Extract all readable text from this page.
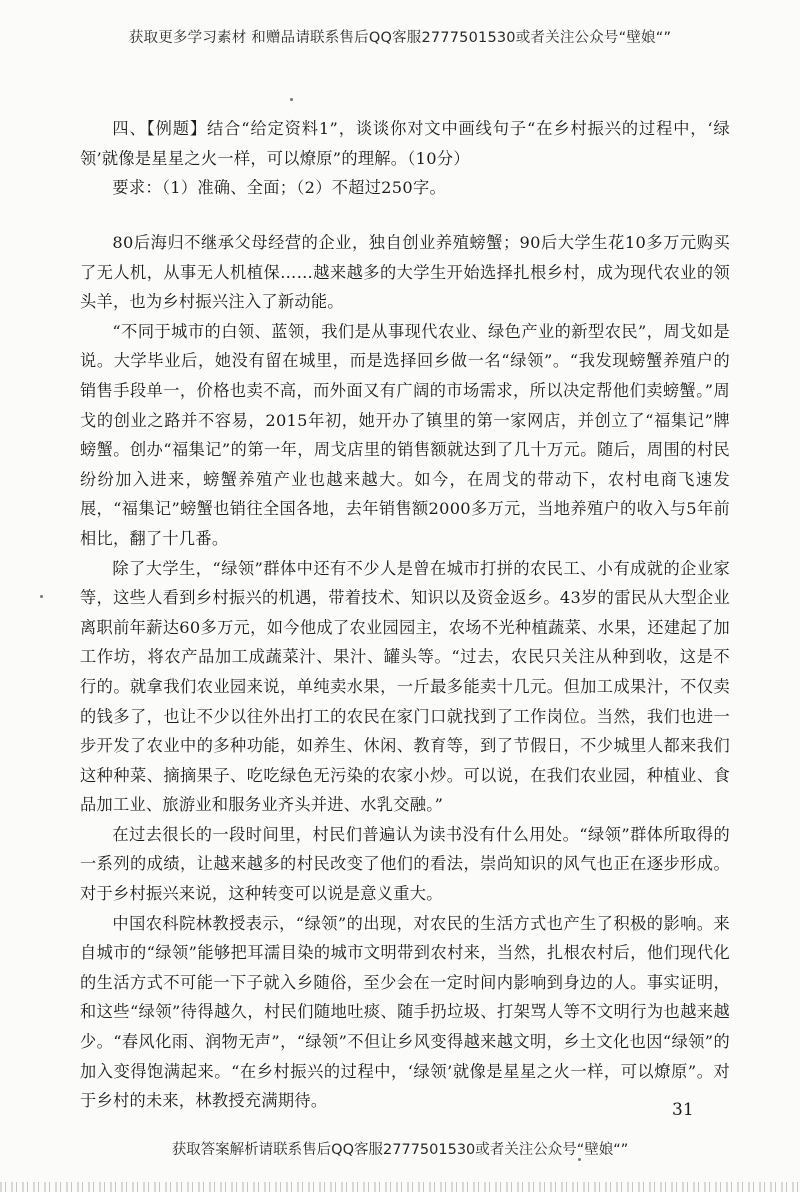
获取更多学习素材 和赠品请联系售后QQ客服2777501530或者关注公众号“壁娘“”

四、【例题】结合“给定资料1”，谈谈你对文中画线句子“在乡村振兴的过程中，‘绿领’就像是星星之火一样，可以燎原”的理解。（10分）

要求：（1）准确、全面；（2）不超过250字。

80后海归不继承父母经营的企业，独自创业养殖螃蟹；90后大学生花10多万元购买了无人机，从事无人机植保……越来越多的大学生开始选择扎根乡村，成为现代农业的领头羊，也为乡村振兴注入了新动能。

“不同于城市的白领、蓝领，我们是从事现代农业、绿色产业的新型农民”，周戈如是说。大学毕业后，她没有留在城里，而是选择回乡做一名“绿领”。“我发现螃蟹养殖户的销售手段单一，价格也卖不高，而外面又有广阔的市场需求，所以决定帮他们卖螃蟹。”周戈的创业之路并不容易，2015年初，她开办了镇里的第一家网店，并创立了“福集记”牌螃蟹。创办“福集记”的第一年，周戈店里的销售额就达到了几十万元。随后，周围的村民纷纷加入进来，螃蟹养殖产业也越来越大。如今，在周戈的带动下，农村电商飞速发展，“福集记”螃蟹也销往全国各地，去年销售额2000多万元，当地养殖户的收入与5年前相比，翻了十几番。

除了大学生，“绿领”群体中还有不少人是曾在城市打拼的农民工、小有成就的企业家等，这些人看到乡村振兴的机遇，带着技术、知识以及资金返乡。43岁的雷民从大型企业离职前年薪达60多万元，如今他成了农业园园主，农场不光种植蔬菜、水果，还建起了加工作坊，将农产品加工成蔬菜汁、果汁、罐头等。“过去，农民只关注从种到收，这是不行的。就拿我们农业园来说，单纯卖水果，一斤最多能卖十几元。但加工成果汁，不仅卖的钱多了，也让不少以往外出打工的农民在家门口就找到了工作岗位。当然，我们也进一步开发了农业中的多种功能，如养生、休闲、教育等，到了节假日，不少城里人都来我们这种种菜、摘摘果子、吃吃绿色无污染的农家小炒。可以说，在我们农业园，种植业、食品加工业、旅游业和服务业齐头并进、水乳交融。”

在过去很长的一段时间里，村民们普遍认为读书没有什么用处。“绿领”群体所取得的一系列的成绩，让越来越多的村民改变了他们的看法，崇尚知识的风气也正在逐步形成。对于乡村振兴来说，这种转变可以说是意义重大。

中国农科院林教授表示，“绿领”的出现，对农民的生活方式也产生了积极的影响。来自城市的“绿领”能够把耳濡目染的城市文明带到农村来，当然，扎根农村后，他们现代化的生活方式不可能一下子就入乡随俗，至少会在一定时间内影响到身边的人。事实证明，和这些“绿领”待得越久，村民们随地吐痰、随手扔垃圾、打架骂人等不文明行为也越来越少。“春风化雨、润物无声”，“绿领”不但让乡风变得越来越文明，乡土文化也因“绿领”的加入变得饱满起来。“在乡村振兴的过程中，‘绿领’就像是星星之火一样，可以燎原”。对于乡村的未来，林教授充满期待。	31
获取答案解析请联系售后QQ客服2777501530或者关注公众号“壁娘“”
